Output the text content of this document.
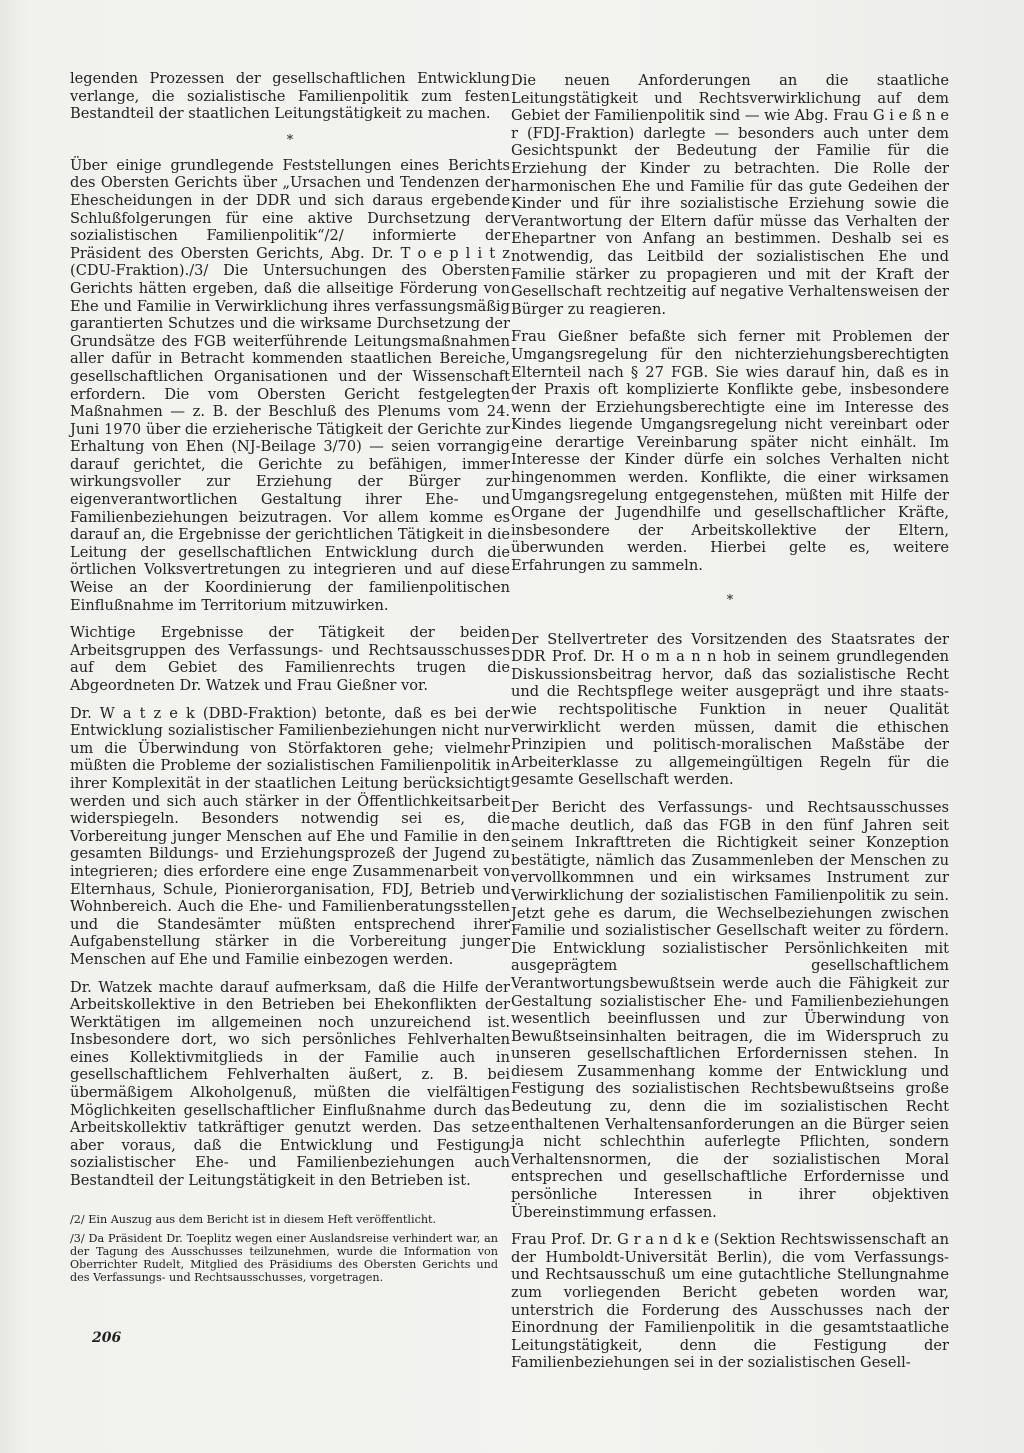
legenden Prozessen der gesellschaftlichen Entwicklung verlange, die sozialistische Familienpolitik zum festen Bestandteil der staatlichen Leitungstätigkeit zu machen.

*

Über einige grundlegende Feststellungen eines Berichts des Obersten Gerichts über „Ursachen und Tendenzen der Ehescheidungen in der DDR und sich daraus ergebende Schlußfolgerungen für eine aktive Durchsetzung der sozialistischen Familienpolitik“/2/ informierte der Präsident des Obersten Gerichts, Abg. Dr. T o e p l i t z (CDU-Fraktion)./3/ Die Untersuchungen des Obersten Gerichts hätten ergeben, daß die allseitige Förderung von Ehe und Familie in Verwirklichung ihres verfassungsmäßig garantierten Schutzes und die wirksame Durchsetzung der Grundsätze des FGB weiterführende Leitungsmaßnahmen aller dafür in Betracht kommenden staatlichen Bereiche, gesellschaftlichen Organisationen und der Wissenschaft erfordern. Die vom Obersten Gericht festgelegten Maßnahmen — z. B. der Beschluß des Plenums vom 24. Juni 1970 über die erzieherische Tätigkeit der Gerichte zur Erhaltung von Ehen (NJ-Beilage 3/70) — seien vorrangig darauf gerichtet, die Gerichte zu befähigen, immer wirkungsvoller zur Erziehung der Bürger zur eigenverantwortlichen Gestaltung ihrer Ehe- und Familienbeziehungen beizutragen. Vor allem komme es darauf an, die Ergebnisse der gerichtlichen Tätigkeit in die Leitung der gesellschaftlichen Entwicklung durch die örtlichen Volksvertretungen zu integrieren und auf diese Weise an der Koordinierung der familienpolitischen Einflußnahme im Territorium mitzuwirken.

Wichtige Ergebnisse der Tätigkeit der beiden Arbeitsgruppen des Verfassungs- und Rechtsausschusses auf dem Gebiet des Familienrechts trugen die Abgeordneten Dr. Watzek und Frau Gießner vor.

Dr. W a t z e k (DBD-Fraktion) betonte, daß es bei der Entwicklung sozialistischer Familienbeziehungen nicht nur um die Überwindung von Störfaktoren gehe; vielmehr müßten die Probleme der sozialistischen Familienpolitik in ihrer Komplexität in der staatlichen Leitung berücksichtigt werden und sich auch stärker in der Öffentlichkeitsarbeit widerspiegeln. Besonders notwendig sei es, die Vorbereitung junger Menschen auf Ehe und Familie in den gesamten Bildungs- und Erziehungsprozeß der Jugend zu integrieren; dies erfordere eine enge Zusammenarbeit von Elternhaus, Schule, Pionierorganisation, FDJ, Betrieb und Wohnbereich. Auch die Ehe- und Familienberatungsstellen und die Standesämter müßten entsprechend ihrer Aufgabenstellung stärker in die Vorbereitung junger Menschen auf Ehe und Familie einbezogen werden.

Dr. Watzek machte darauf aufmerksam, daß die Hilfe der Arbeitskollektive in den Betrieben bei Ehekonflikten der Werktätigen im allgemeinen noch unzureichend ist. Insbesondere dort, wo sich persönliches Fehlverhalten eines Kollektivmitglieds in der Familie auch in gesellschaftlichem Fehlverhalten äußert, z. B. bei übermäßigem Alkoholgenuß, müßten die vielfältigen Möglichkeiten gesellschaftlicher Einflußnahme durch das Arbeitskollektiv tatkräftiger genutzt werden. Das setze aber voraus, daß die Entwicklung und Festigung sozialistischer Ehe- und Familienbeziehungen auch Bestandteil der Leitungstätigkeit in den Betrieben ist.

/2/ Ein Auszug aus dem Bericht ist in diesem Heft veröffentlicht.

/3/ Da Präsident Dr. Toeplitz wegen einer Auslandsreise verhindert war, an der Tagung des Ausschusses teilzunehmen, wurde die Information von Oberrichter Rudelt, Mitglied des Präsidiums des Obersten Gerichts und des Verfassungs- und Rechtsausschusses, vorgetragen.

206

Die neuen Anforderungen an die staatliche Leitungstätigkeit und Rechtsverwirklichung auf dem Gebiet der Familienpolitik sind — wie Abg. Frau G i e ß n e r (FDJ-Fraktion) darlegte — besonders auch unter dem Gesichtspunkt der Bedeutung der Familie für die Erziehung der Kinder zu betrachten. Die Rolle der harmonischen Ehe und Familie für das gute Gedeihen der Kinder und für ihre sozialistische Erziehung sowie die Verantwortung der Eltern dafür müsse das Verhalten der Ehepartner von Anfang an bestimmen. Deshalb sei es notwendig, das Leitbild der sozialistischen Ehe und Familie stärker zu propagieren und mit der Kraft der Gesellschaft rechtzeitig auf negative Verhaltensweisen der Bürger zu reagieren.

Frau Gießner befaßte sich ferner mit Problemen der Umgangsregelung für den nichterziehungsberechtigten Elternteil nach § 27 FGB. Sie wies darauf hin, daß es in der Praxis oft komplizierte Konflikte gebe, insbesondere wenn der Erziehungsberechtigte eine im Interesse des Kindes liegende Umgangsregelung nicht vereinbart oder eine derartige Vereinbarung später nicht einhält. Im Interesse der Kinder dürfe ein solches Verhalten nicht hingenommen werden. Konflikte, die einer wirksamen Umgangsregelung entgegenstehen, müßten mit Hilfe der Organe der Jugendhilfe und gesellschaftlicher Kräfte, insbesondere der Arbeitskollektive der Eltern, überwunden werden. Hierbei gelte es, weitere Erfahrungen zu sammeln.

*

Der Stellvertreter des Vorsitzenden des Staatsrates der DDR Prof. Dr. H o m a n n hob in seinem grundlegenden Diskussionsbeitrag hervor, daß das sozialistische Recht und die Rechtspflege weiter ausgeprägt und ihre staats- wie rechtspolitische Funktion in neuer Qualität verwirklicht werden müssen, damit die ethischen Prinzipien und politisch-moralischen Maßstäbe der Arbeiterklasse zu allgemeingültigen Regeln für die gesamte Gesellschaft werden.

Der Bericht des Verfassungs- und Rechtsausschusses mache deutlich, daß das FGB in den fünf Jahren seit seinem Inkrafttreten die Richtigkeit seiner Konzeption bestätigte, nämlich das Zusammenleben der Menschen zu vervollkommnen und ein wirksames Instrument zur Verwirklichung der sozialistischen Familienpolitik zu sein. Jetzt gehe es darum, die Wechselbeziehungen zwischen Familie und sozialistischer Gesellschaft weiter zu fördern. Die Entwicklung sozialistischer Persönlichkeiten mit ausgeprägtem gesellschaftlichem Verantwortungsbewußtsein werde auch die Fähigkeit zur Gestaltung sozialistischer Ehe- und Familienbeziehungen wesentlich beeinflussen und zur Überwindung von Bewußtseinsinhalten beitragen, die im Widerspruch zu unseren gesellschaftlichen Erfordernissen stehen. In diesem Zusammenhang komme der Entwicklung und Festigung des sozialistischen Rechtsbewußtseins große Bedeutung zu, denn die im sozialistischen Recht enthaltenen Verhaltensanforderungen an die Bürger seien ja nicht schlechthin auferlegte Pflichten, sondern Verhaltensnormen, die der sozialistischen Moral entsprechen und gesellschaftliche Erfordernisse und persönliche Interessen in ihrer objektiven Übereinstimmung erfassen.

Frau Prof. Dr. G r a n d k e (Sektion Rechtswissenschaft an der Humboldt-Universität Berlin), die vom Verfassungs- und Rechtsausschuß um eine gutachtliche Stellungnahme zum vorliegenden Bericht gebeten worden war, unterstrich die Forderung des Ausschusses nach der Einordnung der Familienpolitik in die gesamtstaatliche Leitungstätigkeit, denn die Festigung der Familienbeziehungen sei in der sozialistischen Gesell-
